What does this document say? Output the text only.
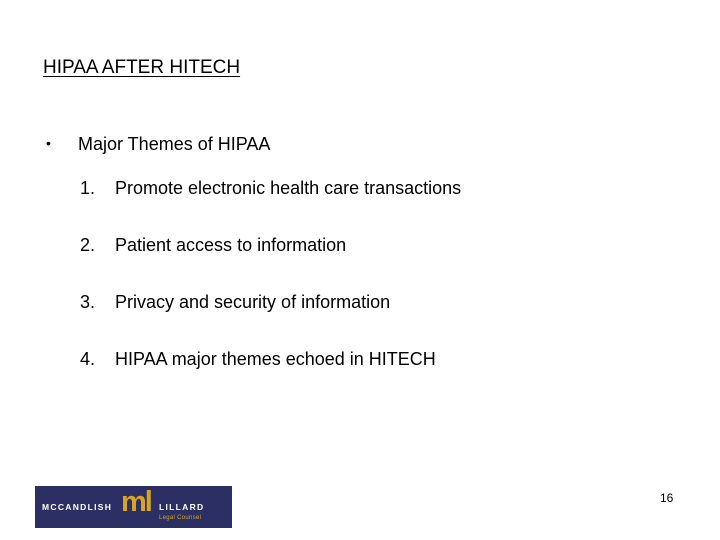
HIPAA AFTER HITECH
• Major Themes of HIPAA
1. Promote electronic health care transactions
2. Patient access to information
3. Privacy and security of information
4. HIPAA major themes echoed in HITECH
MCCANDLISH ml LILLARD
Legal Counsel
16
